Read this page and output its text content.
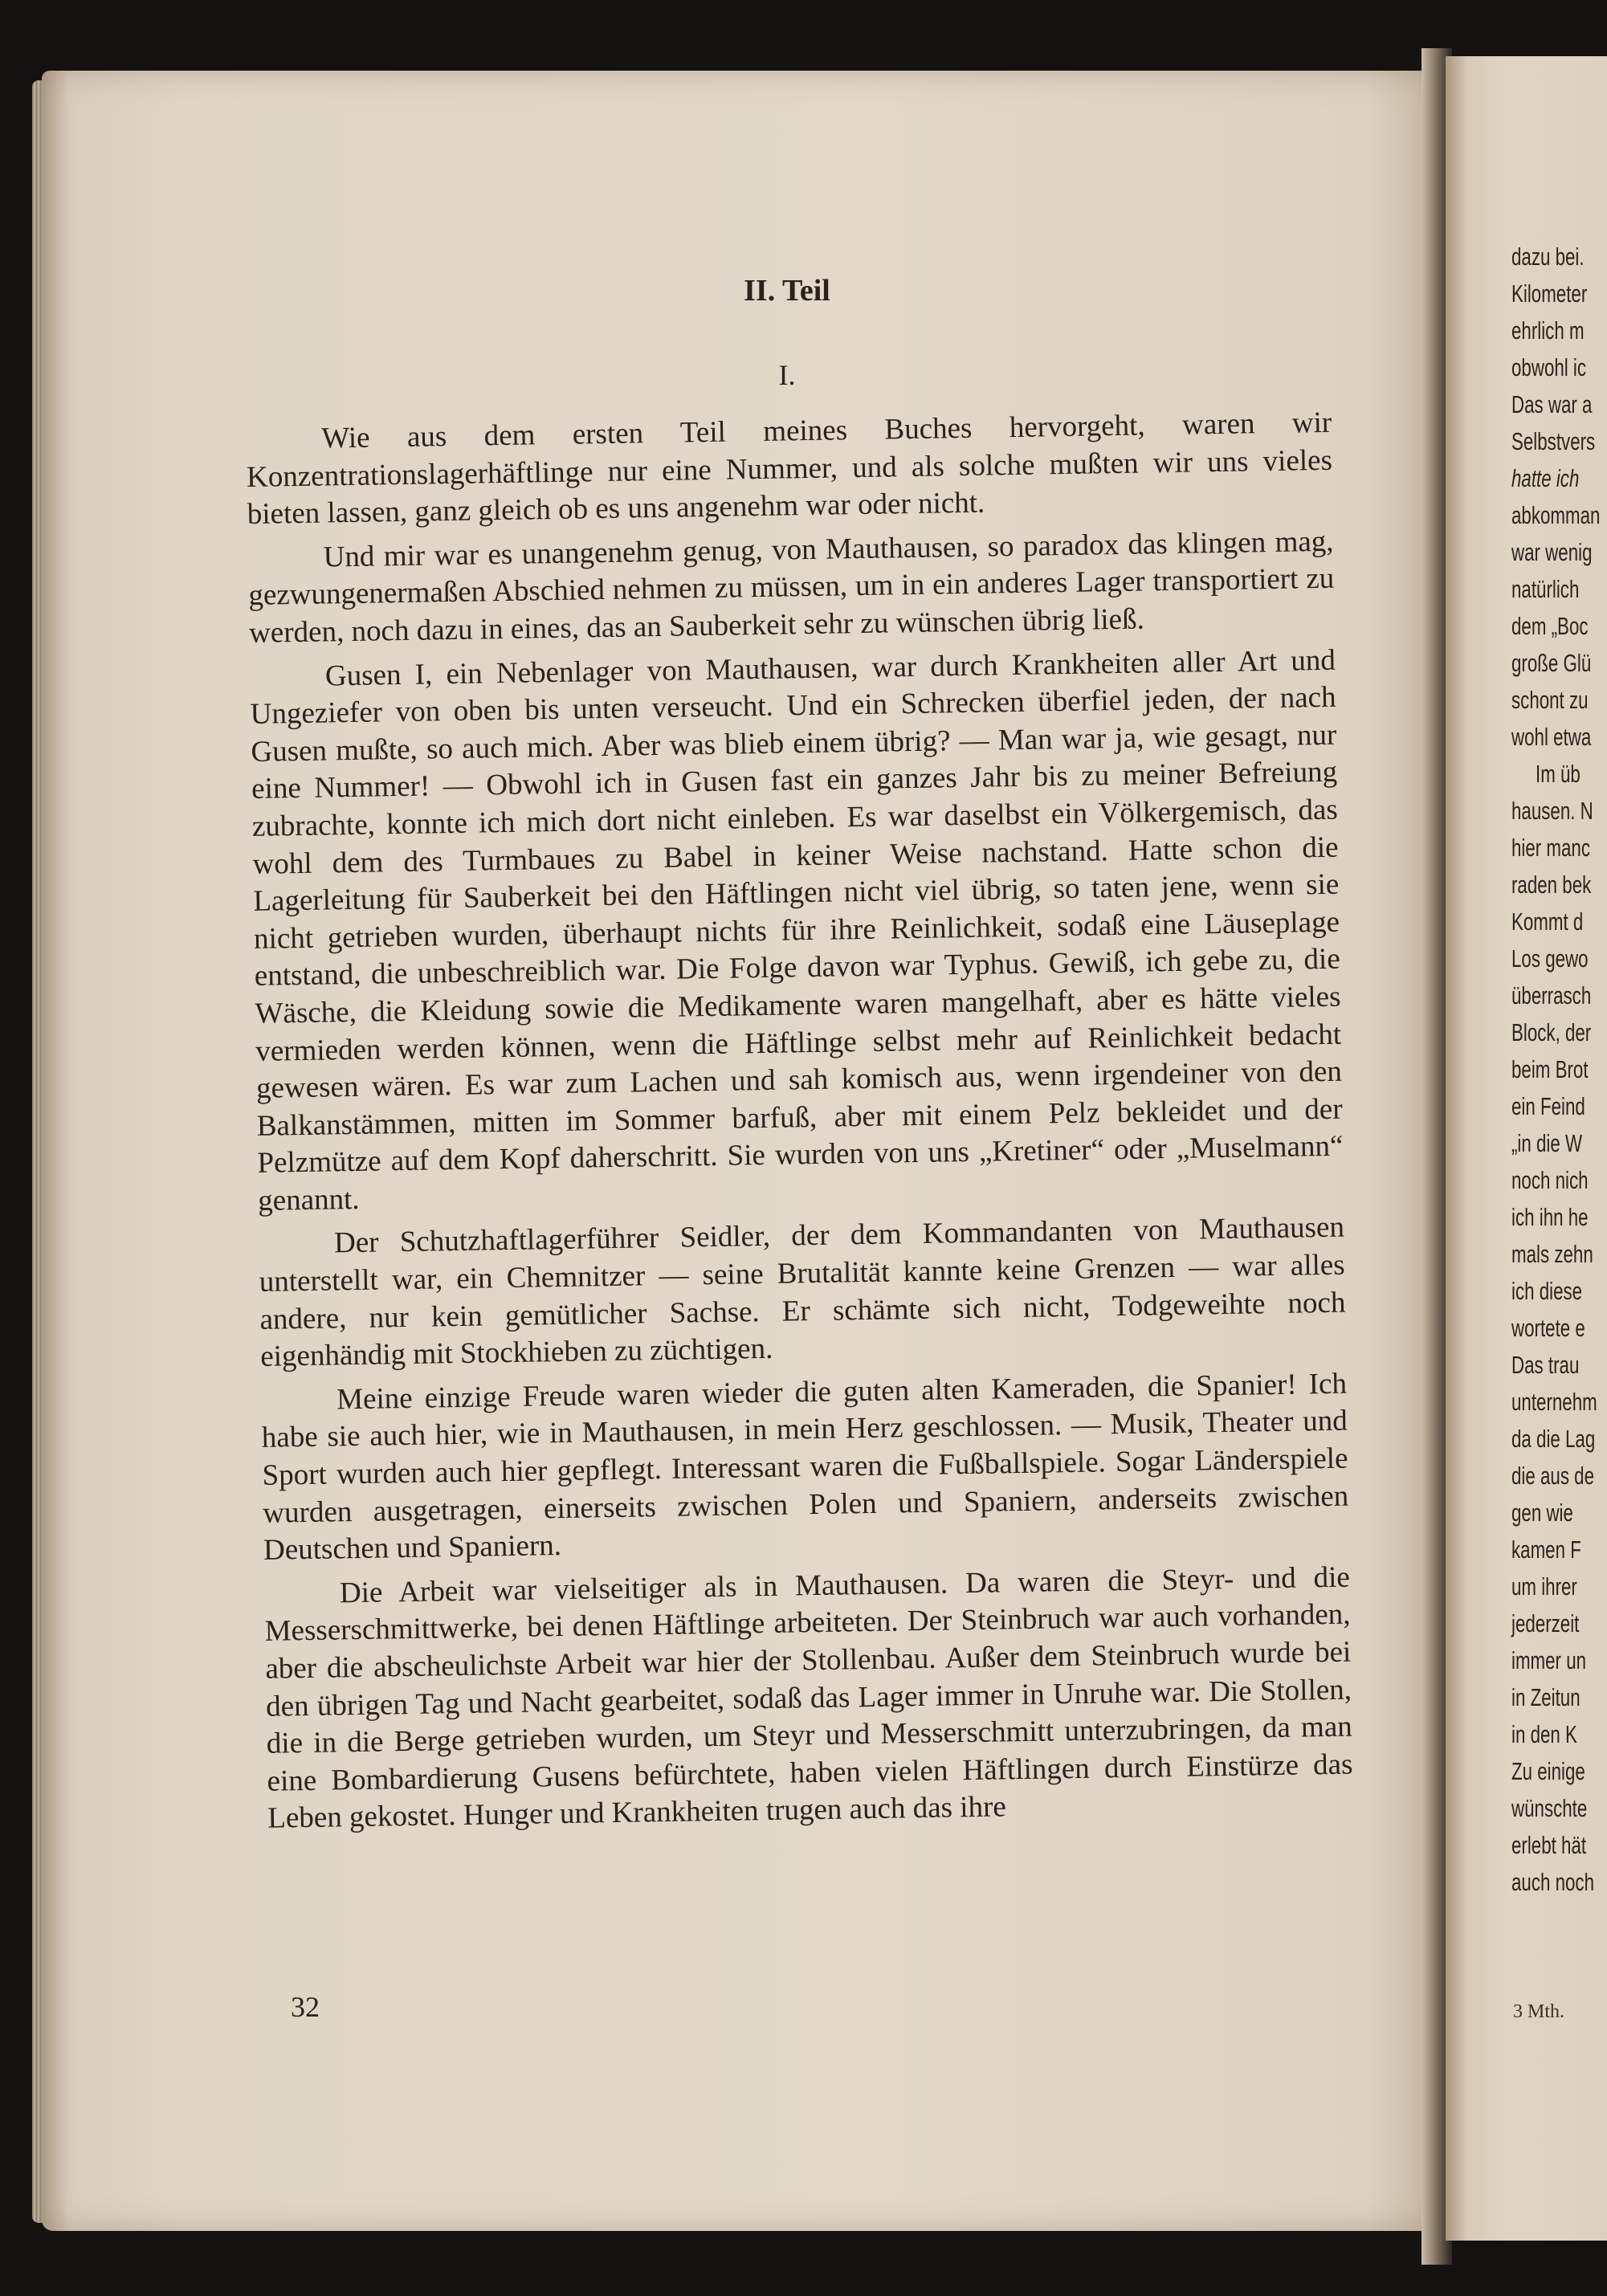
dazu bei.
Kilometer
ehrlich m
obwohl ic
Das war a
Selbstvers
hatte ich
abkomman
war wenig
natürlich
dem „Boc
große Glü
schont zu
wohl etwa
Im üb
hausen. N
hier manc
raden bek
Kommt d
Los gewo
überrasch
Block, der
beim Brot
ein Feind
„in die W
noch nich
ich ihn he
mals zehn
ich diese
wortete e
Das trau
unternehm
da die Lag
die aus de
gen wie
kamen F
um ihrer
jederzeit
immer un
in Zeitun
in den K
Zu einige
wünschte
erlebt hät
auch noch
3 Mth.
II. Teil
I.

Wie aus dem ersten Teil meines Buches hervorgeht, waren wir Konzentrationslagerhäftlinge nur eine Nummer, und als solche mußten wir uns vieles bieten lassen, ganz gleich ob es uns angenehm war oder nicht.

Und mir war es unangenehm genug, von Mauthausen, so paradox das klingen mag, gezwungenermaßen Abschied nehmen zu müssen, um in ein anderes Lager transportiert zu werden, noch dazu in eines, das an Sauberkeit sehr zu wünschen übrig ließ.

Gusen I, ein Nebenlager von Mauthausen, war durch Krankheiten aller Art und Ungeziefer von oben bis unten verseucht. Und ein Schrecken überfiel jeden, der nach Gusen mußte, so auch mich. Aber was blieb einem übrig? — Man war ja, wie gesagt, nur eine Nummer! — Obwohl ich in Gusen fast ein ganzes Jahr bis zu meiner Befreiung zubrachte, konnte ich mich dort nicht einleben. Es war daselbst ein Völkergemisch, das wohl dem des Turmbaues zu Babel in keiner Weise nachstand. Hatte schon die Lagerleitung für Sauberkeit bei den Häftlingen nicht viel übrig, so taten jene, wenn sie nicht getrieben wurden, überhaupt nichts für ihre Reinlichkeit, sodaß eine Läuseplage entstand, die unbeschreiblich war. Die Folge davon war Typhus. Gewiß, ich gebe zu, die Wäsche, die Kleidung sowie die Medikamente waren mangelhaft, aber es hätte vieles vermieden werden können, wenn die Häftlinge selbst mehr auf Reinlichkeit bedacht gewesen wären. Es war zum Lachen und sah komisch aus, wenn irgendeiner von den Balkanstämmen, mitten im Sommer barfuß, aber mit einem Pelz bekleidet und der Pelzmütze auf dem Kopf daherschritt. Sie wurden von uns „Kretiner“ oder „Muselmann“ genannt.

Der Schutzhaftlagerführer Seidler, der dem Kommandanten von Mauthausen unterstellt war, ein Chemnitzer — seine Brutalität kannte keine Grenzen — war alles andere, nur kein gemütlicher Sachse. Er schämte sich nicht, Todgeweihte noch eigenhändig mit Stockhieben zu züchtigen.

Meine einzige Freude waren wieder die guten alten Kameraden, die Spanier! Ich habe sie auch hier, wie in Mauthausen, in mein Herz geschlossen. — Musik, Theater und Sport wurden auch hier gepflegt. Interessant waren die Fußballspiele. Sogar Länderspiele wurden ausgetragen, einerseits zwischen Polen und Spaniern, anderseits zwischen Deutschen und Spaniern.

Die Arbeit war vielseitiger als in Mauthausen. Da waren die Steyr- und die Messerschmittwerke, bei denen Häftlinge arbeiteten. Der Steinbruch war auch vorhanden, aber die abscheulichste Arbeit war hier der Stollenbau. Außer dem Steinbruch wurde bei den übrigen Tag und Nacht gearbeitet, sodaß das Lager immer in Unruhe war. Die Stollen, die in die Berge getrieben wurden, um Steyr und Messerschmitt unterzubringen, da man eine Bombardierung Gusens befürchtete, haben vielen Häftlingen durch Einstürze das Leben gekostet. Hunger und Krankheiten trugen auch das ihre

32
